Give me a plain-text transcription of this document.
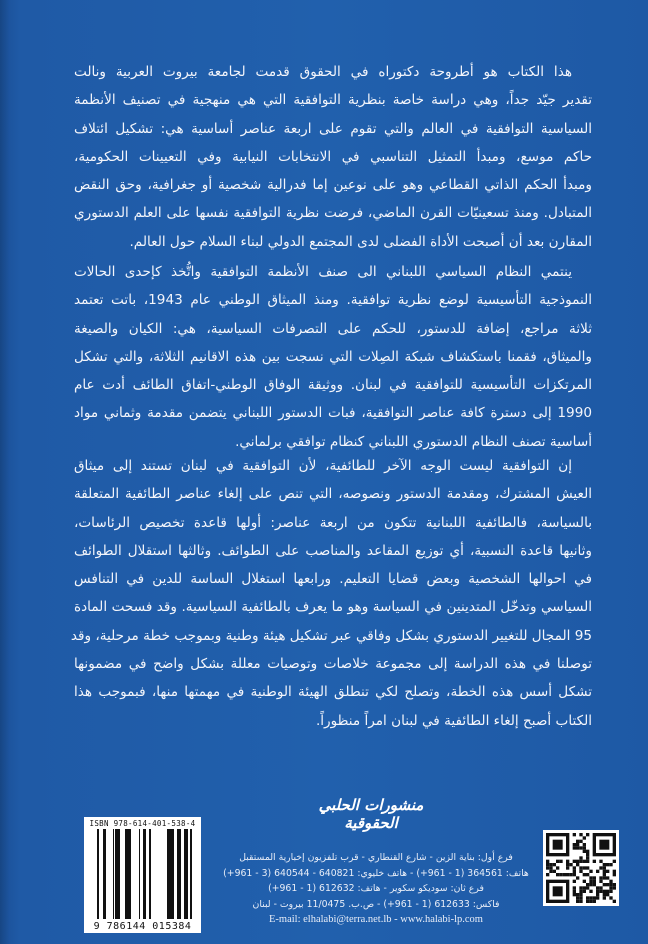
هذا الكتاب هو أطروحة دكتوراه في الحقوق قدمت لجامعة بيروت العربية ونالت
تقدير جيّد جداً، وهي دراسة خاصة بنظرية التوافقية التي هي منهجية في تصنيف الأنظمة
السياسية التوافقية في العالم والتي تقوم على اربعة عناصر أساسية هي: تشكيل ائتلاف
حاكم موسع، ومبدأ التمثيل التناسبي في الانتخابات النيابية وفي التعيينات الحكومية،
ومبدأ الحكم الذاتي القطاعي وهو على نوعين إما فدرالية شخصية أو جغرافية، وحق النقض
المتبادل. ومنذ تسعينيّات القرن الماضي، فرضت نظرية التوافقية نفسها على العلم الدستوري
المقارن بعد أن أصبحت الأداة الفضلى لدى المجتمع الدولي لبناء السلام حول العالم.
ينتمي النظام السياسي اللبناني الى صنف الأنظمة التوافقية واتُّخذ كإحدى الحالات
النموذجية التأسيسية لوضع نظرية توافقية. ومنذ الميثاق الوطني عام 1943، باتت تعتمد
ثلاثة مراجع، إضافة للدستور، للحكم على التصرفات السياسية، هي: الكيان والصيغة
والميثاق، فقمنا باستكشاف شبكة الصِلات التي نسجت بين هذه الاقانيم الثلاثة، والتي تشكل
المرتكزات التأسيسية للتوافقية في لبنان. ووثيقة الوفاق الوطني-اتفاق الطائف أدت عام
1990 إلى دسترة كافة عناصر التوافقية، فبات الدستور اللبناني يتضمن مقدمة وثماني مواد
أساسية تصنف النظام الدستوري اللبناني كنظام توافقي برلماني.
إن التوافقية ليست الوجه الآخر للطائفية، لأن التوافقية في لبنان تستند إلى ميثاق
العيش المشترك، ومقدمة الدستور ونصوصه، التي تنص على إلغاء عناصر الطائفية المتعلقة
بالسياسة، فالطائفية اللبنانية تتكون من اربعة عناصر: أولها قاعدة تخصيص الرئاسات،
وثانيها قاعدة النسبية، أي توزيع المقاعد والمناصب على الطوائف. وثالثها استقلال الطوائف
في احوالها الشخصية وبعض قضايا التعليم. ورابعها استغلال الساسة للدين في التنافس
السياسي وتدخّل المتدينين في السياسة وهو ما يعرف بالطائفية السياسية. وقد فسحت المادة
95 المجال للتغيير الدستوري بشكل وفاقي عبر تشكيل هيئة وطنية وبموجب خطة مرحلية، وقد
توصلنا في هذه الدراسة إلى مجموعة خلاصات وتوصيات معللة بشكل واضح في مضمونها
تشكل أسس هذه الخطة، وتصلح لكي تنطلق الهيئة الوطنية في مهمتها منها، فبموجب هذا
الكتاب أصبح إلغاء الطائفية في لبنان امراً منظوراً.
منشورات الحلبي الحقوقية
ISBN 978-614-401-538-4
9 786144 015384
فرع أول: بناية الزين - شارع القنطاري - قرب تلفزيون إخبارية المستقبل
هاتف: 364561 (1 - 961+) - هاتف خليوي: 640821 - 640544 (3 - 961+)
فرع ثان: سوديكو سكوير - هاتف: 612632 (1 - 961+)
فاكس: 612633 (1 - 961+) - ص.ب. 11/0475 بيروت - لبنان
E-mail: elhalabi@terra.net.lb - www.halabi-lp.com
